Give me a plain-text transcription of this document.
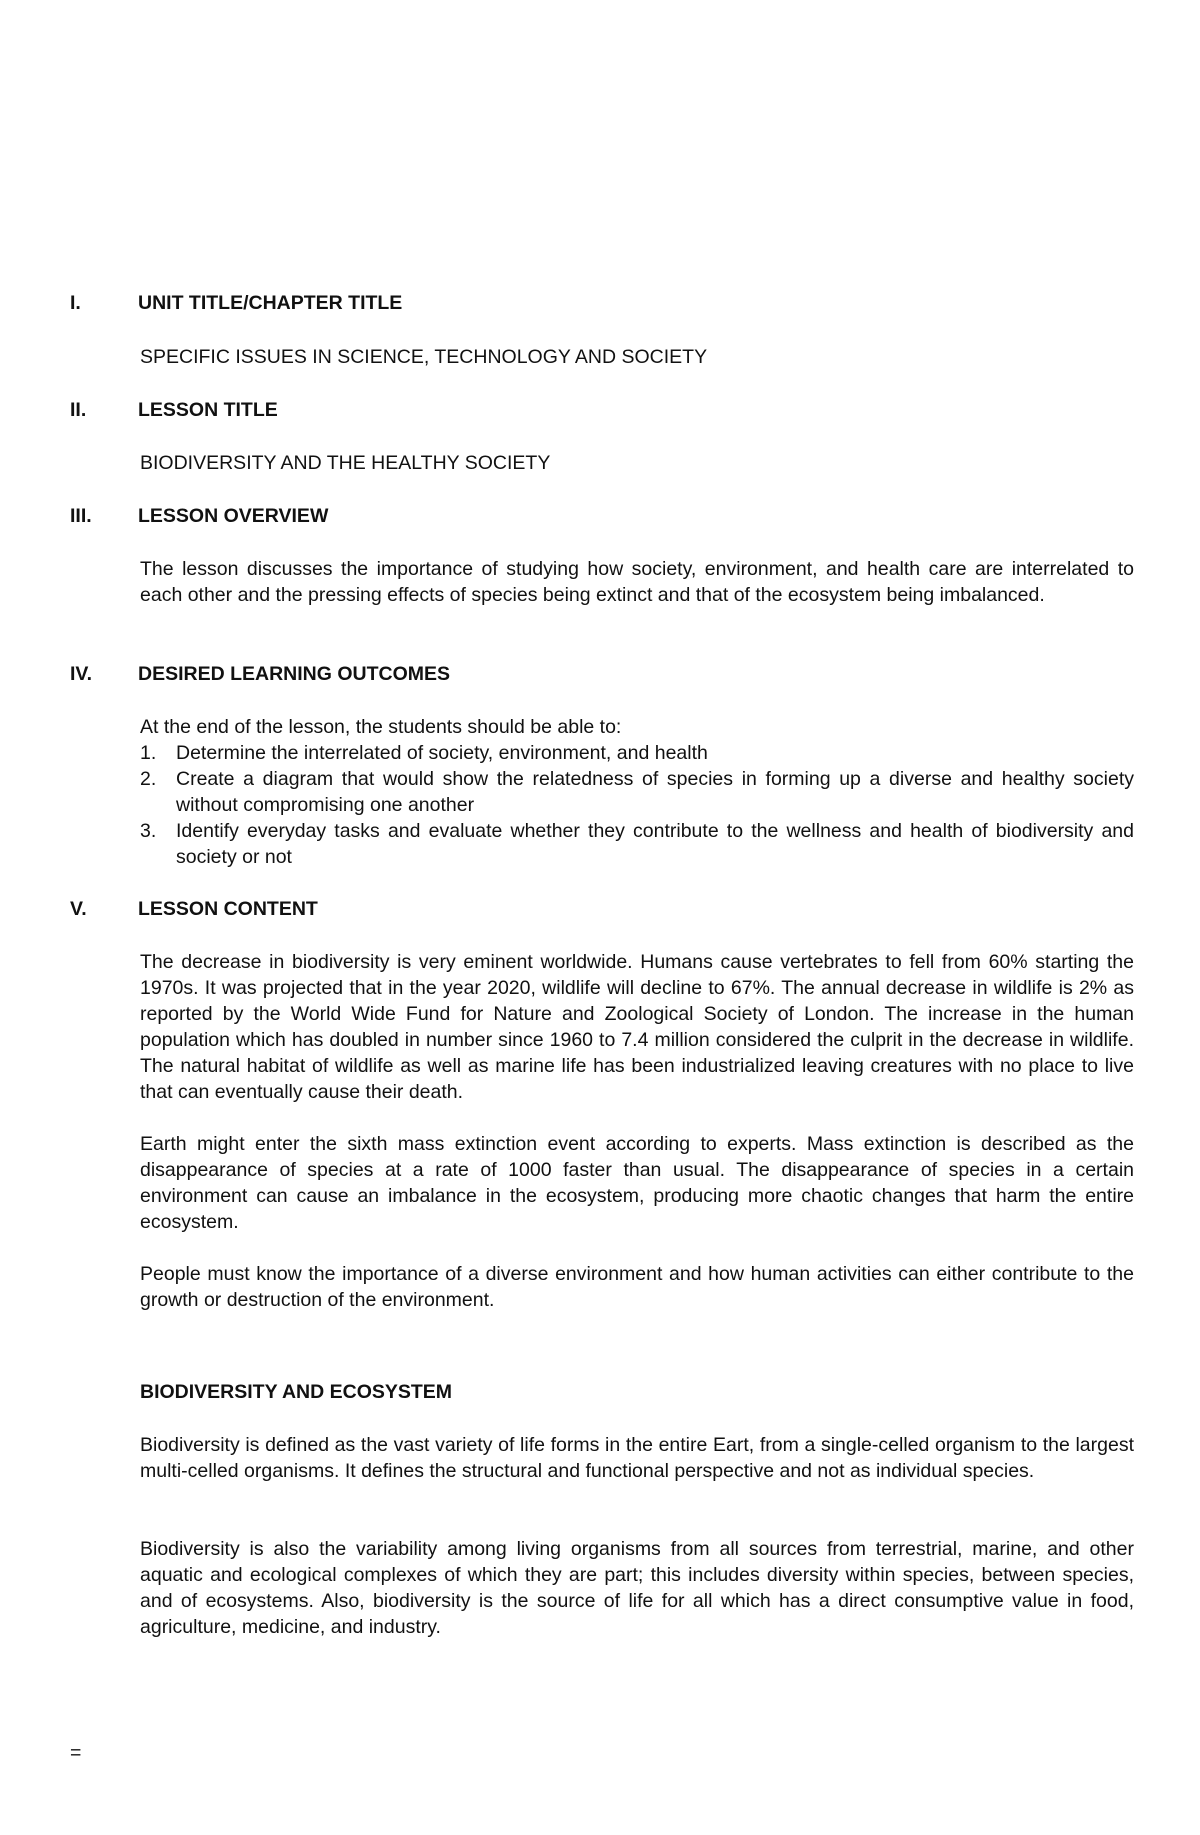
I.	UNIT TITLE/CHAPTER TITLE
SPECIFIC ISSUES IN SCIENCE, TECHNOLOGY AND SOCIETY
II.	LESSON TITLE
BIODIVERSITY AND THE HEALTHY SOCIETY
III. LESSON OVERVIEW
The lesson discusses the importance of studying how society, environment, and health care are interrelated to each other and the pressing effects of species being extinct and that of the ecosystem being imbalanced.
IV. DESIRED LEARNING OUTCOMES
At the end of the lesson, the students should be able to:
1. Determine the interrelated of society, environment, and health
2. Create a diagram that would show the relatedness of species in forming up a diverse and healthy society without compromising one another
3. Identify everyday tasks and evaluate whether they contribute to the wellness and health of biodiversity and society or not
V.	LESSON CONTENT
The decrease in biodiversity is very eminent worldwide. Humans cause vertebrates to fell from 60% starting the 1970s. It was projected that in the year 2020, wildlife will decline to 67%. The annual decrease in wildlife is 2% as reported by the World Wide Fund for Nature and Zoological Society of London. The increase in the human population which has doubled in number since 1960 to 7.4 million considered the culprit in the decrease in wildlife. The natural habitat of wildlife as well as marine life has been industrialized leaving creatures with no place to live that can eventually cause their death.
Earth might enter the sixth mass extinction event according to experts. Mass extinction is described as the disappearance of species at a rate of 1000 faster than usual. The disappearance of species in a certain environment can cause an imbalance in the ecosystem, producing more chaotic changes that harm the entire ecosystem.
People must know the importance of a diverse environment and how human activities can either contribute to the growth or destruction of the environment.
BIODIVERSITY AND ECOSYSTEM
Biodiversity is defined as the vast variety of life forms in the entire Eart, from a single-celled organism to the largest multi-celled organisms. It defines the structural and functional perspective and not as individual species.
Biodiversity is also the variability among living organisms from all sources from terrestrial, marine, and other aquatic and ecological complexes of which they are part; this includes diversity within species, between species, and of ecosystems. Also, biodiversity is the source of life for all which has a direct consumptive value in food, agriculture, medicine, and industry.
=
